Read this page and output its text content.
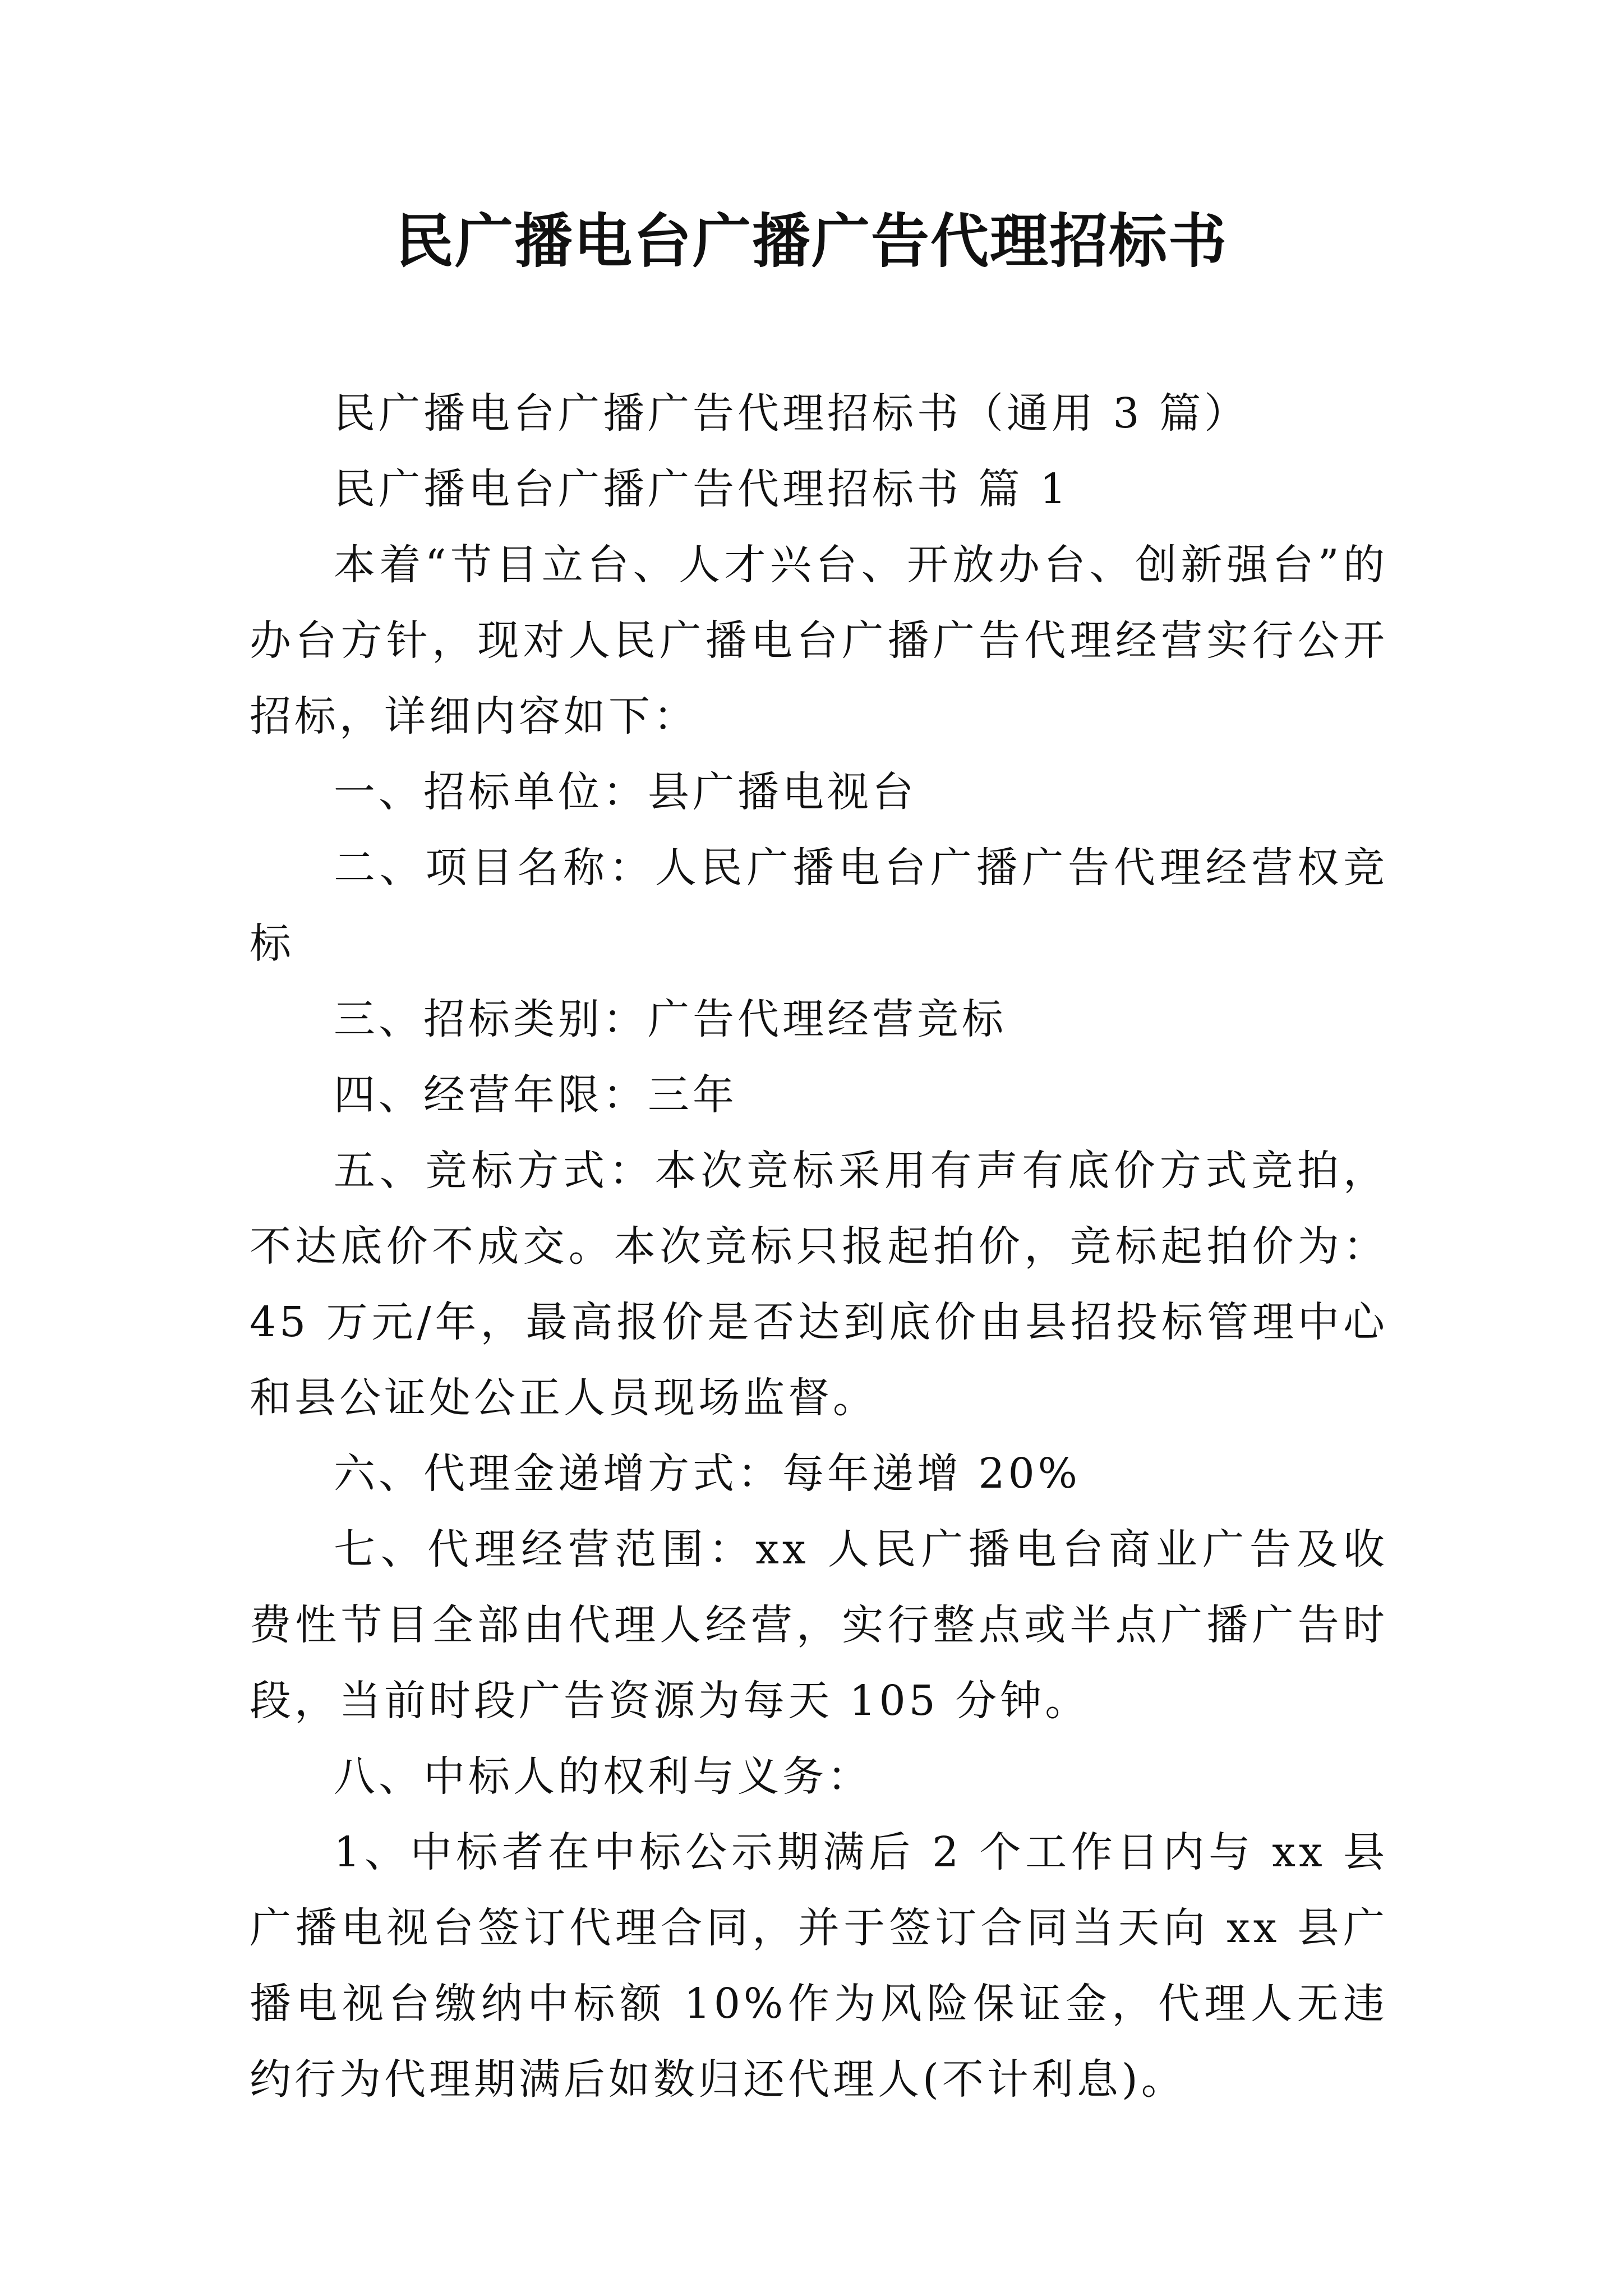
民广播电台广播广告代理招标书

民广播电台广播广告代理招标书（通用 3 篇）

民广播电台广播广告代理招标书 篇 1

本着“节目立台、人才兴台、开放办台、创新强台”的办台方针，现对人民广播电台广播广告代理经营实行公开招标，详细内容如下：

一、招标单位：县广播电视台

二、项目名称：人民广播电台广播广告代理经营权竞标

三、招标类别：广告代理经营竞标

四、经营年限：三年

五、竞标方式：本次竞标采用有声有底价方式竞拍，不达底价不成交。本次竞标只报起拍价，竞标起拍价为：45 万元/年，最高报价是否达到底价由县招投标管理中心和县公证处公正人员现场监督。

六、代理金递增方式：每年递增 20%

七、代理经营范围：xx 人民广播电台商业广告及收费性节目全部由代理人经营，实行整点或半点广播广告时段，当前时段广告资源为每天 105 分钟。

八、中标人的权利与义务：

1、中标者在中标公示期满后 2 个工作日内与 xx 县广播电视台签订代理合同，并于签订合同当天向 xx 县广播电视台缴纳中标额 10%作为风险保证金，代理人无违约行为代理期满后如数归还代理人(不计利息)。
